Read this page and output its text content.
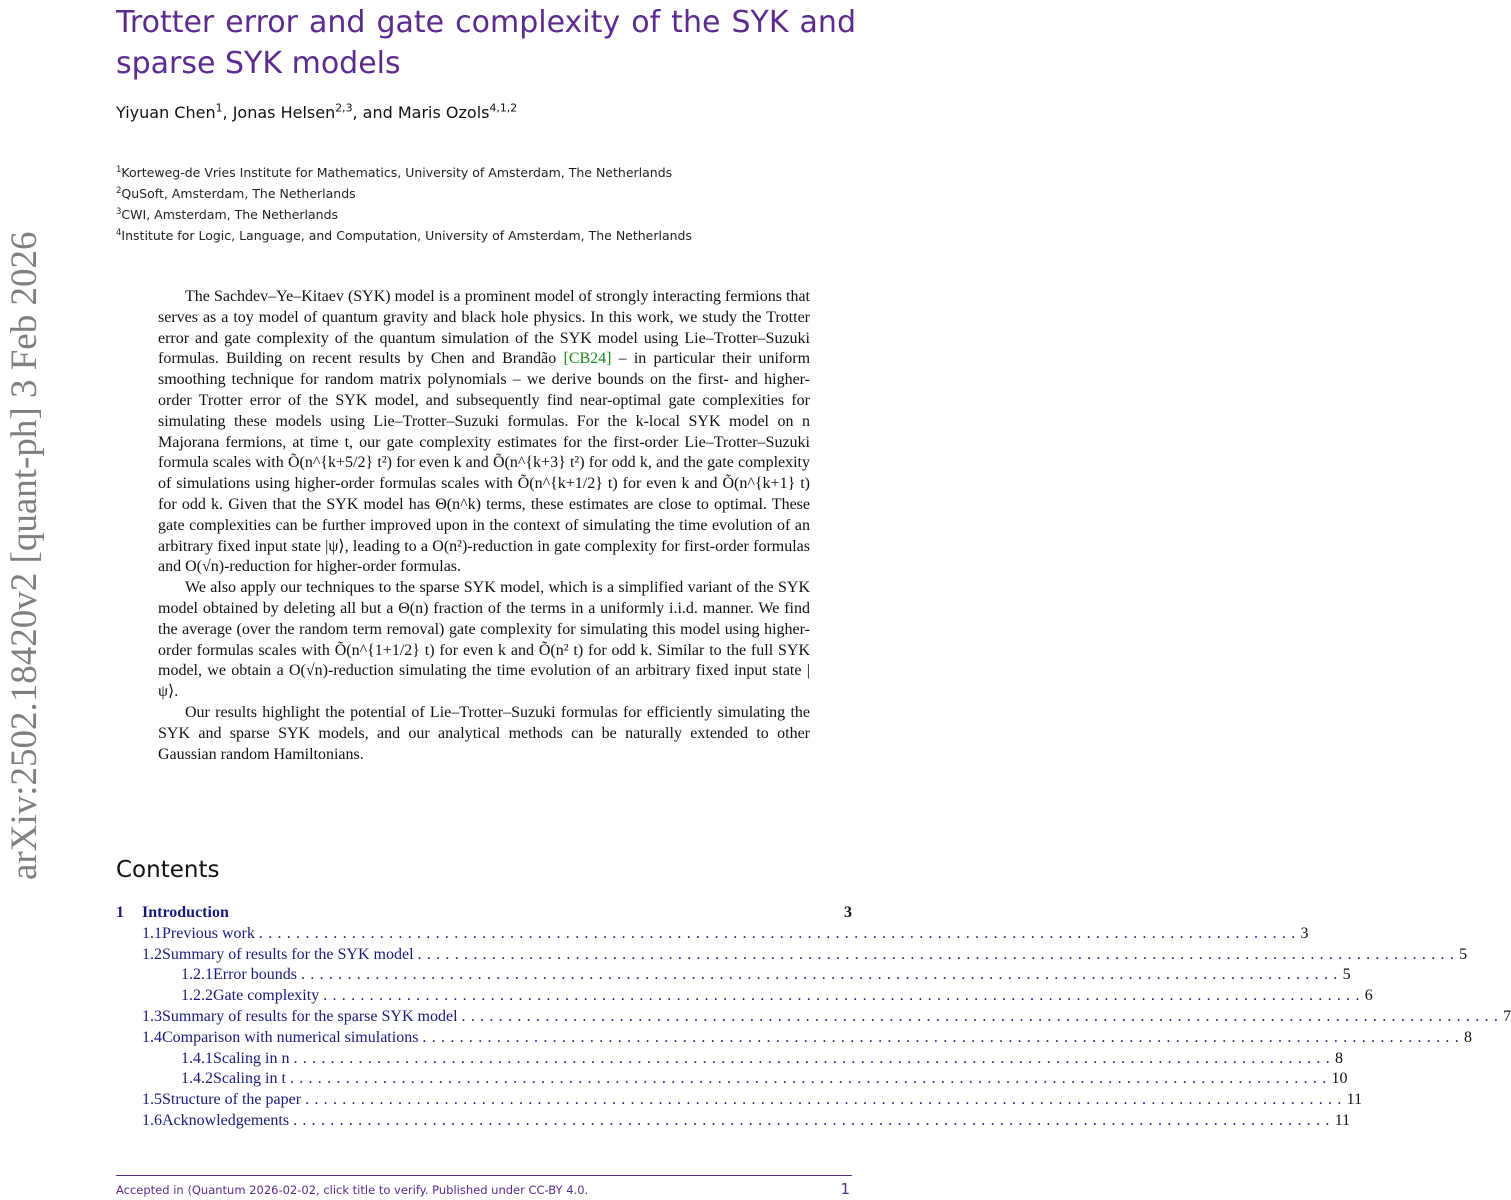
arXiv:2502.18420v2 [quant-ph] 3 Feb 2026
Trotter error and gate complexity of the SYK and sparse SYK models
Yiyuan Chen$^1$, Jonas Helsen$^{2,3}$, and Maris Ozols$^{4,1,2}$
$^1$Korteweg-de Vries Institute for Mathematics, University of Amsterdam, The Netherlands
$^2$QuSoft, Amsterdam, The Netherlands
$^3$CWI, Amsterdam, The Netherlands
$^4$Institute for Logic, Language, and Computation, University of Amsterdam, The Netherlands

The Sachdev–Ye–Kitaev (SYK) model is a prominent model of strongly interacting fermions that serves as a toy model of quantum gravity and black hole physics. In this work, we study the Trotter error and gate complexity of the quantum simulation of the SYK model using Lie–Trotter–Suzuki formulas. Building on recent results by Chen and Brandão [CB24] – in particular their uniform smoothing technique for random matrix polynomials – we derive bounds on the first- and higher-order Trotter error of the SYK model, and subsequently find near-optimal gate complexities for simulating these models using Lie–Trotter–Suzuki formulas. For the k-local SYK model on n Majorana fermions, at time t, our gate complexity estimates for the first-order Lie–Trotter–Suzuki formula scales with Õ(n^{k+5/2} t²) for even k and Õ(n^{k+3} t²) for odd k, and the gate complexity of simulations using higher-order formulas scales with Õ(n^{k+1/2} t) for even k and Õ(n^{k+1} t) for odd k. Given that the SYK model has Θ(n^k) terms, these estimates are close to optimal. These gate complexities can be further improved upon in the context of simulating the time evolution of an arbitrary fixed input state |ψ⟩, leading to a O(n²)-reduction in gate complexity for first-order formulas and O(√n)-reduction for higher-order formulas.

We also apply our techniques to the sparse SYK model, which is a simplified variant of the SYK model obtained by deleting all but a Θ(n) fraction of the terms in a uniformly i.i.d. manner. We find the average (over the random term removal) gate complexity for simulating this model using higher-order formulas scales with Õ(n^{1+1/2} t) for even k and Õ(n² t) for odd k. Similar to the full SYK model, we obtain a O(√n)-reduction simulating the time evolution of an arbitrary fixed input state |ψ⟩.

Our results highlight the potential of Lie–Trotter–Suzuki formulas for efficiently simulating the SYK and sparse SYK models, and our analytical methods can be naturally extended to other Gaussian random Hamiltonians.

Contents
1	Introduction	3
1.1 Previous work ................................................................................................................ 3
1.2 Summary of results for the SYK model ................................................................................................................ 5
1.2.1 Error bounds ................................................................................................................ 5
1.2.2 Gate complexity ................................................................................................................ 6
1.3 Summary of results for the sparse SYK model ................................................................................................................ 7
1.4 Comparison with numerical simulations ................................................................................................................ 8
1.4.1 Scaling in n ................................................................................................................ 8
1.4.2 Scaling in t ................................................................................................................ 10
1.5 Structure of the paper ................................................................................................................ 11
1.6 Acknowledgements ................................................................................................................ 11
Accepted in ⟨Quantum 2026-02-02, click title to verify. Published under CC-BY 4.0.	1
